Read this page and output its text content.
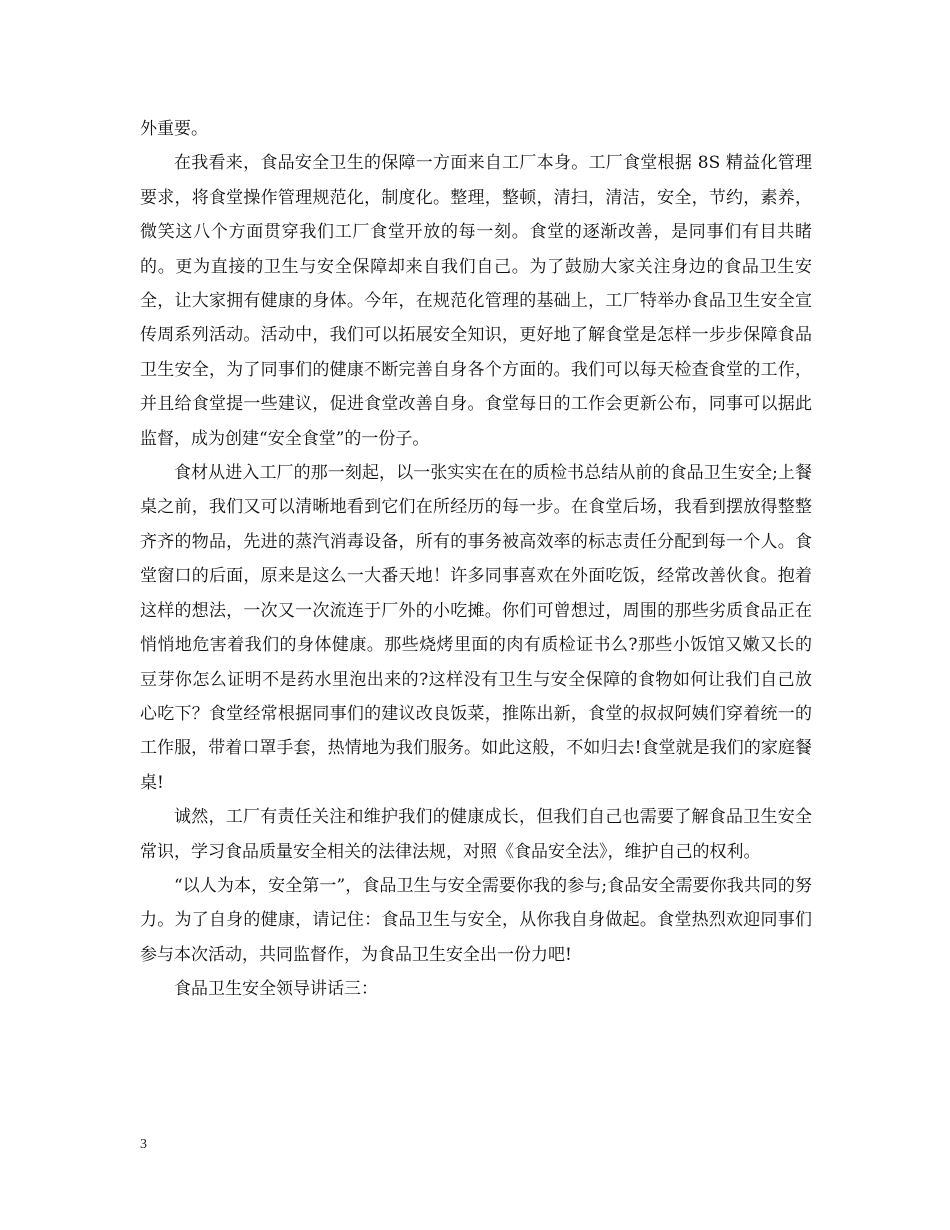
外重要。

在我看来，食品安全卫生的保障一方面来自工厂本身。工厂食堂根据 8S 精益化管理要求，将食堂操作管理规范化，制度化。整理，整顿，清扫，清洁，安全，节约，素养，微笑这八个方面贯穿我们工厂食堂开放的每一刻。食堂的逐渐改善，是同事们有目共睹的。更为直接的卫生与安全保障却来自我们自己。为了鼓励大家关注身边的食品卫生安全，让大家拥有健康的身体。今年，在规范化管理的基础上，工厂特举办食品卫生安全宣传周系列活动。活动中，我们可以拓展安全知识，更好地了解食堂是怎样一步步保障食品卫生安全，为了同事们的健康不断完善自身各个方面的。我们可以每天检查食堂的工作，并且给食堂提一些建议，促进食堂改善自身。食堂每日的工作会更新公布，同事可以据此监督，成为创建“安全食堂”的一份子。

食材从进入工厂的那一刻起，以一张实实在在的质检书总结从前的食品卫生安全;上餐桌之前，我们又可以清晰地看到它们在所经历的每一步。在食堂后场，我看到摆放得整整齐齐的物品，先进的蒸汽消毒设备，所有的事务被高效率的标志责任分配到每一个人。食堂窗口的后面，原来是这么一大番天地！许多同事喜欢在外面吃饭，经常改善伙食。抱着这样的想法，一次又一次流连于厂外的小吃摊。你们可曾想过，周围的那些劣质食品正在悄悄地危害着我们的身体健康。那些烧烤里面的肉有质检证书么?那些小饭馆又嫩又长的豆芽你怎么证明不是药水里泡出来的?这样没有卫生与安全保障的食物如何让我们自己放心吃下？食堂经常根据同事们的建议改良饭菜，推陈出新，食堂的叔叔阿姨们穿着统一的工作服，带着口罩手套，热情地为我们服务。如此这般，不如归去!食堂就是我们的家庭餐桌!

诚然，工厂有责任关注和维护我们的健康成长，但我们自己也需要了解食品卫生安全常识，学习食品质量安全相关的法律法规，对照《食品安全法》，维护自己的权利。

“以人为本，安全第一”，食品卫生与安全需要你我的参与;食品安全需要你我共同的努力。为了自身的健康，请记住：食品卫生与安全，从你我自身做起。食堂热烈欢迎同事们参与本次活动，共同监督作，为食品卫生安全出一份力吧!

食品卫生安全领导讲话三：

3
